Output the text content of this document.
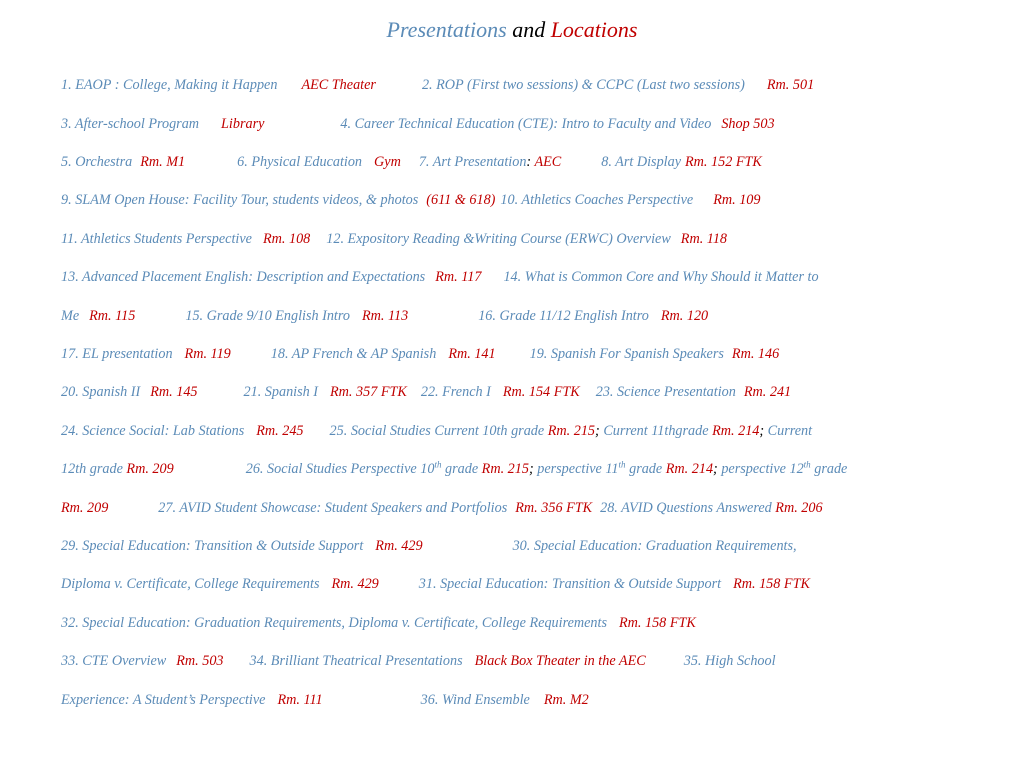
Presentations and Locations
1. EAOP : College, Making it Happen AEC Theater	2. ROP (First two sessions) & CCPC (Last two sessions) Rm. 501
3. After-school Program Library	4. Career Technical Education (CTE): Intro to Faculty and Video Shop 503
5. Orchestra Rm. M1	6. Physical Education Gym 7. Art Presentation: AEC	8. Art Display Rm. 152 FTK
9. SLAM Open House: Facility Tour, students videos, & photos (611 & 618) 10. Athletics Coaches Perspective Rm. 109
11. Athletics Students Perspective Rm. 108 12. Expository Reading &Writing Course (ERWC) Overview Rm. 118
13. Advanced Placement English: Description and Expectations Rm. 117 14. What is Common Core and Why Should it Matter to
Me Rm. 115	15. Grade 9/10 English Intro Rm. 113	16. Grade 11/12 English Intro Rm. 120
17. EL presentation Rm. 119	18. AP French & AP Spanish Rm. 141 19. Spanish For Spanish Speakers Rm. 146
20. Spanish II Rm. 145	21. Spanish I Rm. 357 FTK 22. French I Rm. 154 FTK 23. Science Presentation Rm. 241
24. Science Social: Lab Stations Rm. 245 25. Social Studies Current 10th grade Rm. 215; Current 11thgrade Rm. 214; Current
12th grade Rm. 209	26. Social Studies Perspective 10th grade Rm. 215; perspective 11th grade Rm. 214; perspective 12th grade
Rm. 209	27. AVID Student Showcase: Student Speakers and Portfolios Rm. 356 FTK 28. AVID Questions Answered Rm. 206
29. Special Education: Transition & Outside Support Rm. 429	30. Special Education: Graduation Requirements,
Diploma v. Certificate, College Requirements Rm. 429	31. Special Education: Transition & Outside Support Rm. 158 FTK
32. Special Education: Graduation Requirements, Diploma v. Certificate, College Requirements Rm. 158 FTK
33. CTE Overview Rm. 503 34. Brilliant Theatrical Presentations Black Box Theater in the AEC	35. High School
Experience: A Student’s Perspective Rm. 111	36. Wind Ensemble Rm. M2
